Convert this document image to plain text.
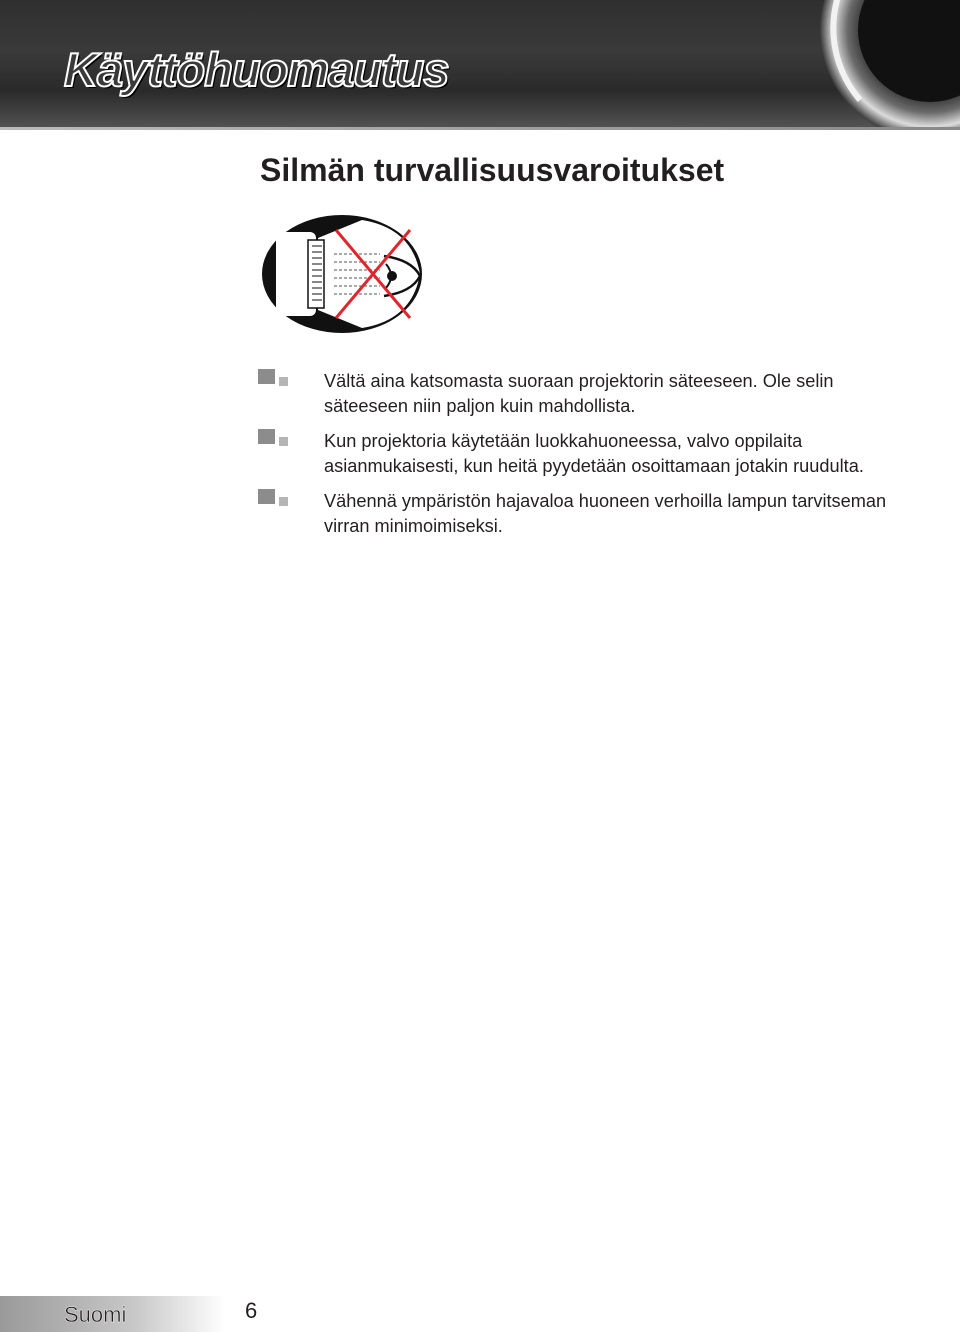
Käyttöhuomautus
Silmän turvallisuusvaroitukset
Vältä aina katsomasta suoraan projektorin säteeseen. Ole selin säteeseen niin paljon kuin mahdollista.
Kun projektoria käytetään luokkahuoneessa, valvo oppilaita asianmukaisesti, kun heitä pyydetään osoittamaan jotakin ruudulta.
Vähennä ympäristön hajavaloa huoneen verhoilla lampun tarvitseman virran minimoimiseksi.
Suomi	6
